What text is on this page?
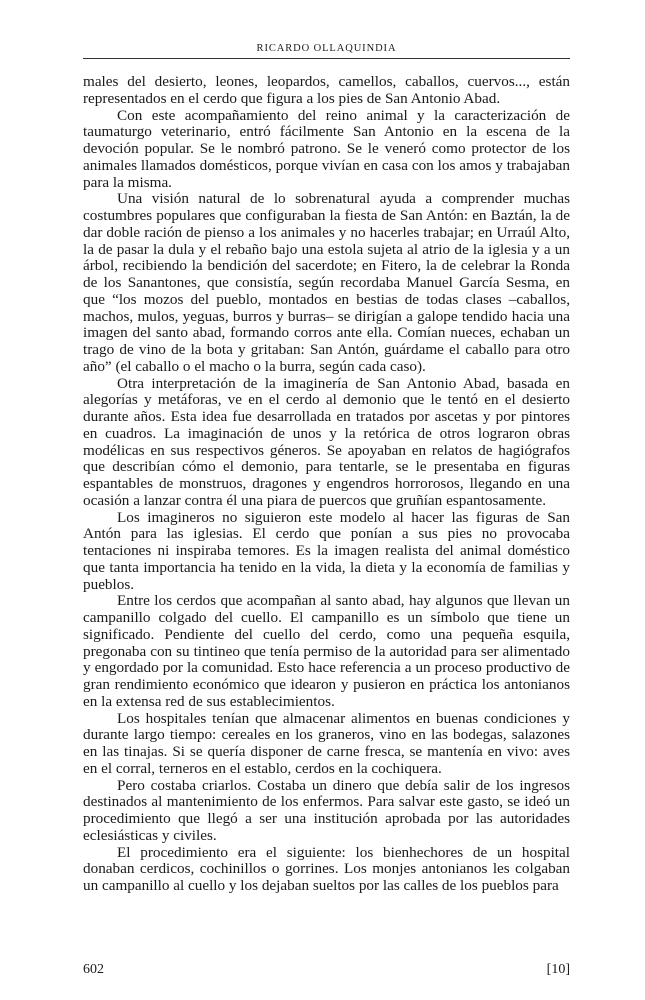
RICARDO OLLAQUINDIA

males del desierto, leones, leopardos, camellos, caballos, cuervos..., están representados en el cerdo que figura a los pies de San Antonio Abad.

Con este acompañamiento del reino animal y la caracterización de taumaturgo veterinario, entró fácilmente San Antonio en la escena de la devoción popular. Se le nombró patrono. Se le veneró como protector de los animales llamados domésticos, porque vivían en casa con los amos y trabajaban para la misma.

Una visión natural de lo sobrenatural ayuda a comprender muchas costumbres populares que configuraban la fiesta de San Antón: en Baztán, la de dar doble ración de pienso a los animales y no hacerles trabajar; en Urraúl Alto, la de pasar la dula y el rebaño bajo una estola sujeta al atrio de la iglesia y a un árbol, recibiendo la bendición del sacerdote; en Fitero, la de celebrar la Ronda de los Sanantones, que consistía, según recordaba Manuel García Sesma, en que “los mozos del pueblo, montados en bestias de todas clases –caballos, machos, mulos, yeguas, burros y burras– se dirigían a galope tendido hacia una imagen del santo abad, formando corros ante ella. Comían nueces, echaban un trago de vino de la bota y gritaban: San Antón, guárdame el caballo para otro año” (el caballo o el macho o la burra, según cada caso).

Otra interpretación de la imaginería de San Antonio Abad, basada en alegorías y metáforas, ve en el cerdo al demonio que le tentó en el desierto durante años. Esta idea fue desarrollada en tratados por ascetas y por pintores en cuadros. La imaginación de unos y la retórica de otros lograron obras modélicas en sus respectivos géneros. Se apoyaban en relatos de hagiógrafos que describían cómo el demonio, para tentarle, se le presentaba en figuras espantables de monstruos, dragones y engendros horrorosos, llegando en una ocasión a lanzar contra él una piara de puercos que gruñían espantosamente.

Los imagineros no siguieron este modelo al hacer las figuras de San Antón para las iglesias. El cerdo que ponían a sus pies no provocaba tentaciones ni inspiraba temores. Es la imagen realista del animal doméstico que tanta importancia ha tenido en la vida, la dieta y la economía de familias y pueblos.

Entre los cerdos que acompañan al santo abad, hay algunos que llevan un campanillo colgado del cuello. El campanillo es un símbolo que tiene un significado. Pendiente del cuello del cerdo, como una pequeña esquila, pregonaba con su tintineo que tenía permiso de la autoridad para ser alimentado y engordado por la comunidad. Esto hace referencia a un proceso productivo de gran rendimiento económico que idearon y pusieron en práctica los antonianos en la extensa red de sus establecimientos.

Los hospitales tenían que almacenar alimentos en buenas condiciones y durante largo tiempo: cereales en los graneros, vino en las bodegas, salazones en las tinajas. Si se quería disponer de carne fresca, se mantenía en vivo: aves en el corral, terneros en el establo, cerdos en la cochiquera.

Pero costaba criarlos. Costaba un dinero que debía salir de los ingresos destinados al mantenimiento de los enfermos. Para salvar este gasto, se ideó un procedimiento que llegó a ser una institución aprobada por las autoridades eclesiásticas y civiles.

El procedimiento era el siguiente: los bienhechores de un hospital donaban cerdicos, cochinillos o gorrines. Los monjes antonianos les colgaban un campanillo al cuello y los dejaban sueltos por las calles de los pueblos para

602	[10]
